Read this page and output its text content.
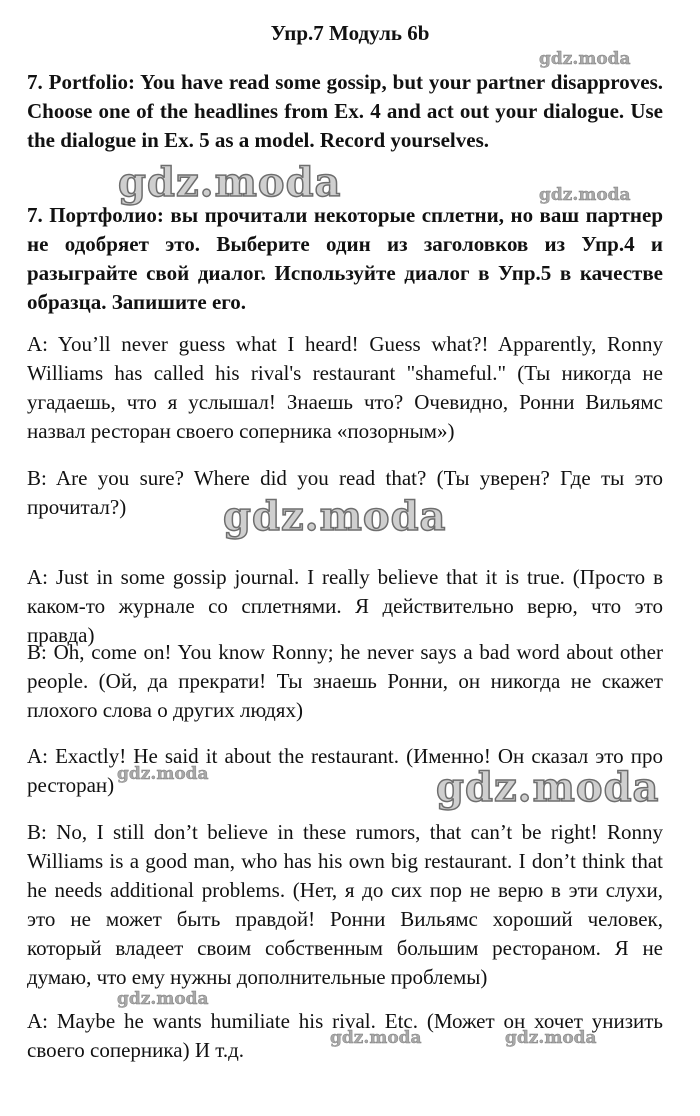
Упр.7 Модуль 6b
7. Portfolio: You have read some gossip, but your partner disapproves. Choose one of the headlines from Ex. 4 and act out your dialogue. Use the dialogue in Ex. 5 as a model. Record yourselves.
7. Портфолио: вы прочитали некоторые сплетни, но ваш партнер не одобряет это. Выберите один из заголовков из Упр.4 и разыграйте свой диалог. Используйте диалог в Упр.5 в качестве образца. Запишите его.
A: You’ll never guess what I heard! Guess what?! Apparently, Ronny Williams has called his rival's restaurant "shameful." (Ты никогда не угадаешь, что я услышал! Знаешь что? Очевидно, Ронни Вильямс назвал ресторан своего соперника «позорным»)
B: Are you sure? Where did you read that? (Ты уверен? Где ты это прочитал?)
A: Just in some gossip journal. I really believe that it is true. (Просто в каком-то журнале со сплетнями. Я действительно верю, что это правда)
B: Oh, come on! You know Ronny; he never says a bad word about other people. (Ой, да прекрати! Ты знаешь Ронни, он никогда не скажет плохого слова о других людях)
A: Exactly! He said it about the restaurant. (Именно! Он сказал это про ресторан)
B: No, I still don’t believe in these rumors, that can’t be right! Ronny Williams is a good man, who has his own big restaurant. I don’t think that he needs additional problems. (Нет, я до сих пор не верю в эти слухи, это не может быть правдой! Ронни Вильямс хороший человек, который владеет своим собственным большим рестораном. Я не думаю, что ему нужны дополнительные проблемы)
A: Maybe he wants humiliate his rival. Etc. (Может он хочет унизить своего соперника) И т.д.
gdz.moda
gdz.moda	gdz.moda
gdz.moda
gdz.moda	gdz.moda
gdz.moda
gdz.moda	gdz.moda
